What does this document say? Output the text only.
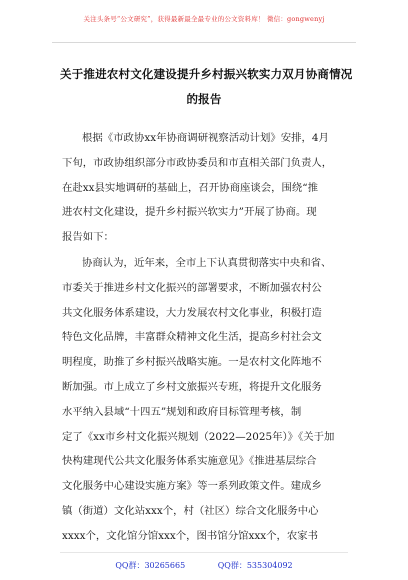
关注头条号“公文研究”，获得最新最全最专业的公文资料库！ 微信：gongwenyj
关于推进农村文化建设提升乡村振兴软实力双月协商情况
的报告
根据《市政协xx年协商调研视察活动计划》安排，4月
下旬，市政协组织部分市政协委员和市直相关部门负责人，
在赴xx县实地调研的基础上，召开协商座谈会，围绕“推
进农村文化建设，提升乡村振兴软实力”开展了协商。现
报告如下：
协商认为，近年来，全市上下认真贯彻落实中央和省、
市委关于推进乡村文化振兴的部署要求，不断加强农村公
共文化服务体系建设，大力发展农村文化事业，积极打造
特色文化品牌，丰富群众精神文化生活，提高乡村社会文
明程度，助推了乡村振兴战略实施。一是农村文化阵地不
断加强。市上成立了乡村文旅振兴专班，将提升文化服务
水平纳入县域“十四五”规划和政府目标管理考核，制
定了《xx市乡村文化振兴规划（2022—2025年）》《关于加
快构建现代公共文化服务体系实施意见》《推进基层综合
文化服务中心建设实施方案》等一系列政策文件。建成乡
镇（街道）文化站xxx个，村（社区）综合文化服务中心
xxxx个，文化馆分馆xxx个，图书馆分馆xxx个，农家书
QQ群：30265665	QQ群：535304092
